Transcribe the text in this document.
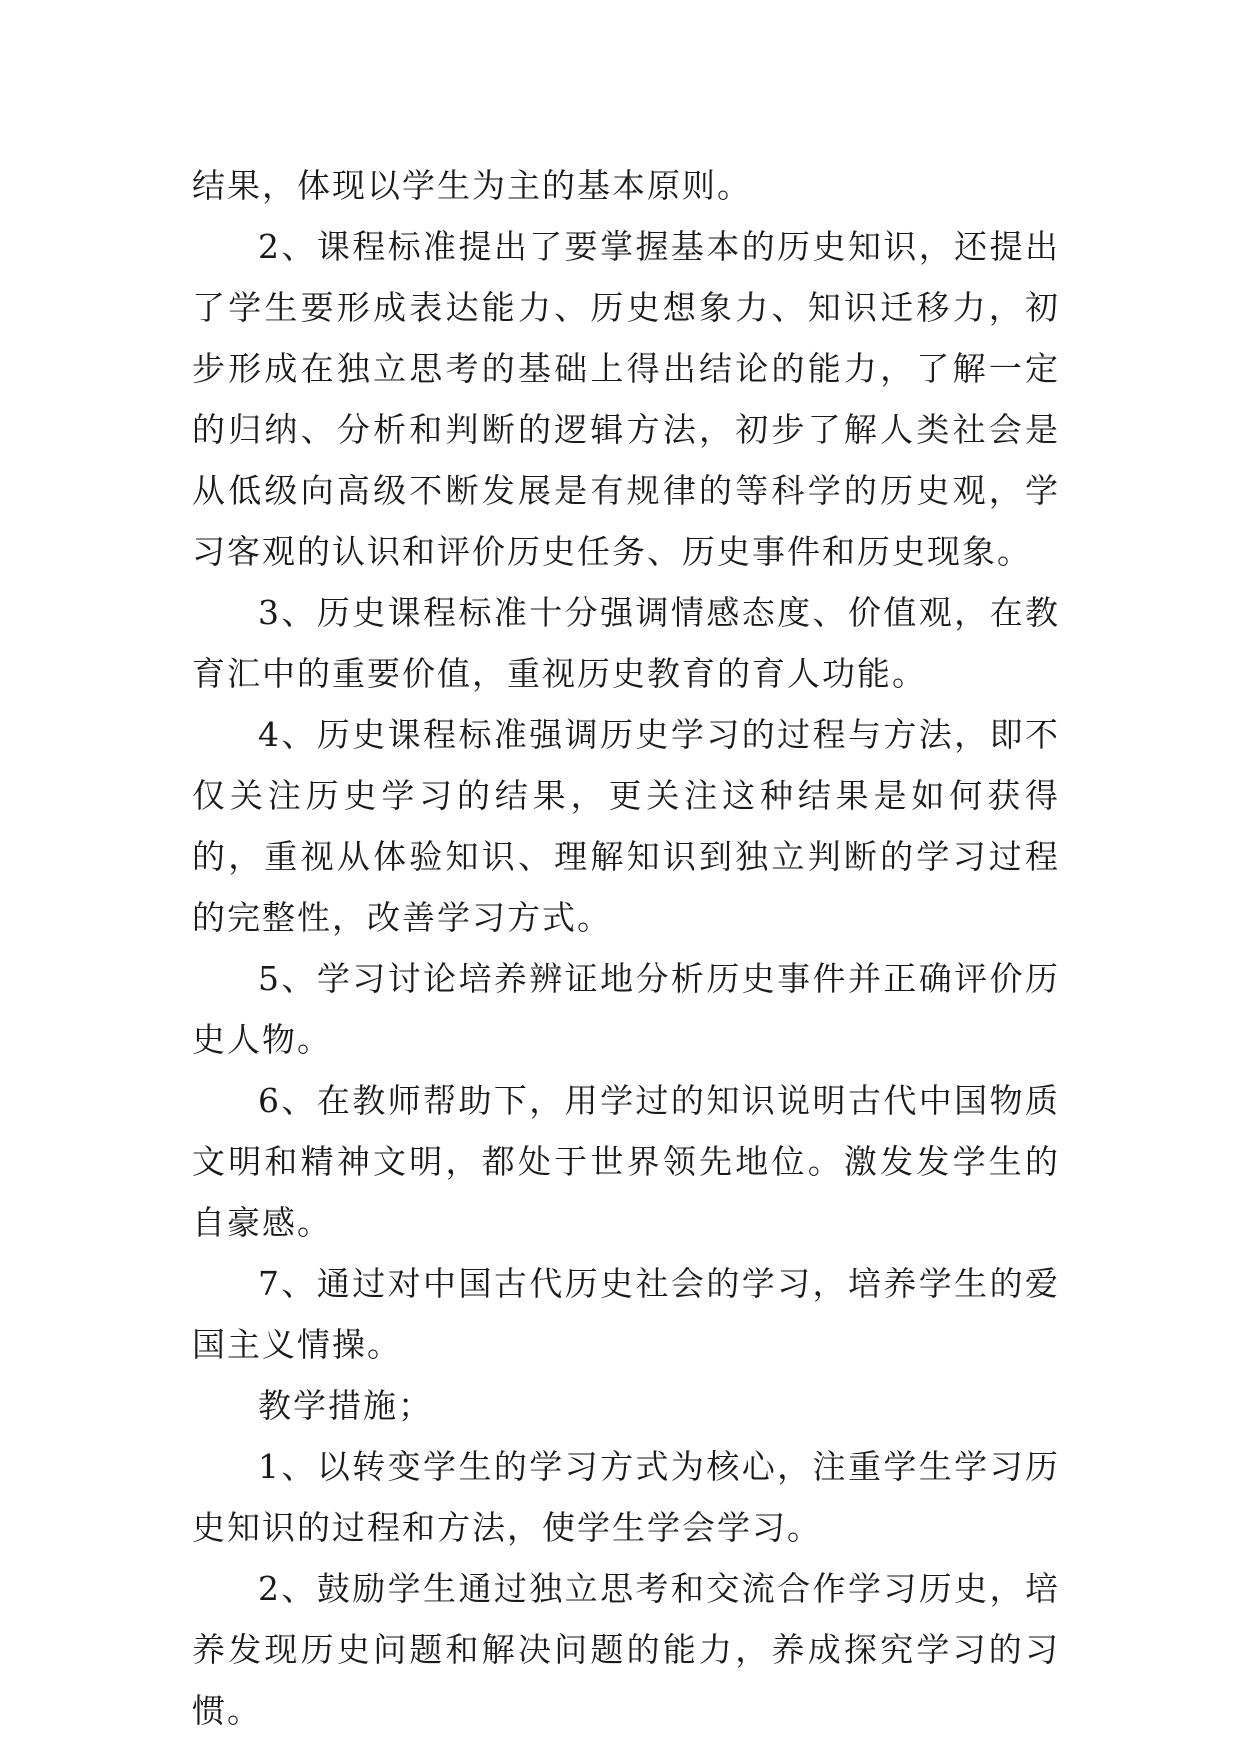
结果，体现以学生为主的基本原则。

2、课程标准提出了要掌握基本的历史知识，还提出了学生要形成表达能力、历史想象力、知识迁移力，初步形成在独立思考的基础上得出结论的能力，了解一定的归纳、分析和判断的逻辑方法，初步了解人类社会是从低级向高级不断发展是有规律的等科学的历史观，学习客观的认识和评价历史任务、历史事件和历史现象。

3、历史课程标准十分强调情感态度、价值观，在教育汇中的重要价值，重视历史教育的育人功能。

4、历史课程标准强调历史学习的过程与方法，即不仅关注历史学习的结果，更关注这种结果是如何获得的，重视从体验知识、理解知识到独立判断的学习过程的完整性，改善学习方式。

5、学习讨论培养辨证地分析历史事件并正确评价历史人物。

6、在教师帮助下，用学过的知识说明古代中国物质文明和精神文明，都处于世界领先地位。激发发学生的自豪感。

7、通过对中国古代历史社会的学习，培养学生的爱国主义情操。

教学措施；

1、以转变学生的学习方式为核心，注重学生学习历史知识的过程和方法，使学生学会学习。

2、鼓励学生通过独立思考和交流合作学习历史，培养发现历史问题和解决问题的能力，养成探究学习的习惯。
